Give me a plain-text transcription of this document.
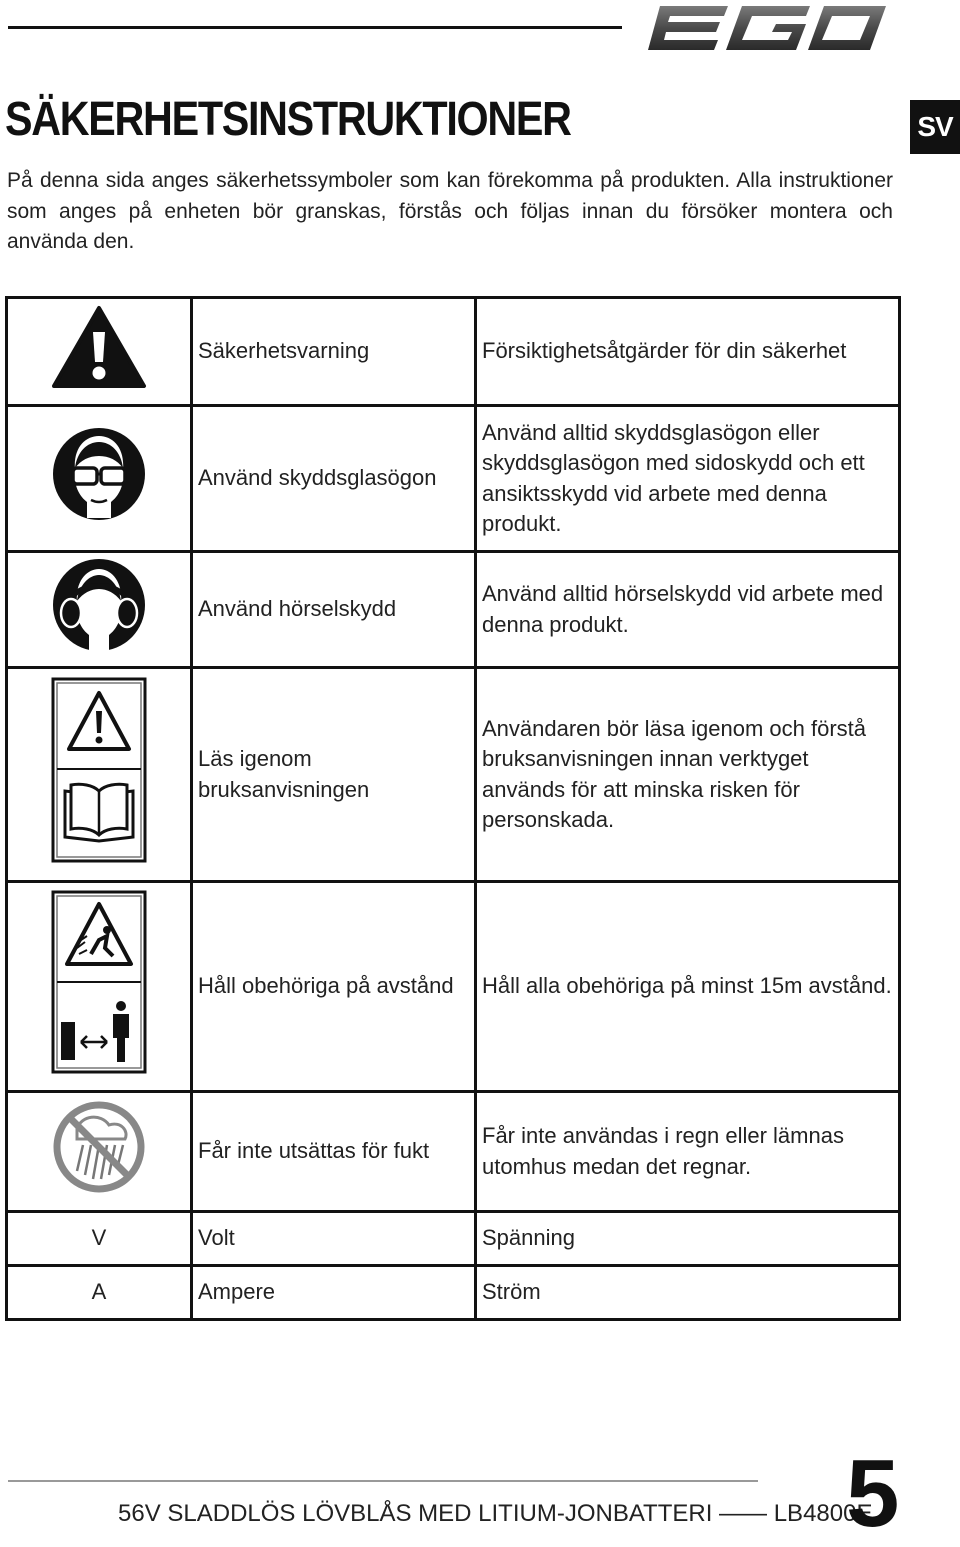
SV
SÄKERHETSINSTRUKTIONER

På denna sida anges säkerhetssymboler som kan förekomma på produkten. Alla instruktioner som anges på enheten bör granskas, förstås och följas innan du försöker montera och använda den.

	Säkerhetsvarning	Försiktighetsåtgärder för din säkerhet
	Använd skyddsglasögon	Använd alltid skyddsglasögon eller skyddsglasögon med sidoskydd och ett ansiktsskydd vid arbete med denna produkt.
	Använd hörselskydd	Använd alltid hörselskydd vid arbete med denna produkt.
	Läs igenom bruksanvisningen	Användaren bör läsa igenom och förstå bruksanvisningen innan verktyget används för att minska risken för personskada.
	Håll obehöriga på avstånd	Håll alla obehöriga på minst 15m avstånd.
	Får inte utsättas för fukt	Får inte användas i regn eller lämnas utomhus medan det regnar.
V	Volt	Spänning
A	Ampere	Ström
56V SLADDLÖS LÖVBLÅS MED LITIUM-JONBATTERI —— LB4800E
5
